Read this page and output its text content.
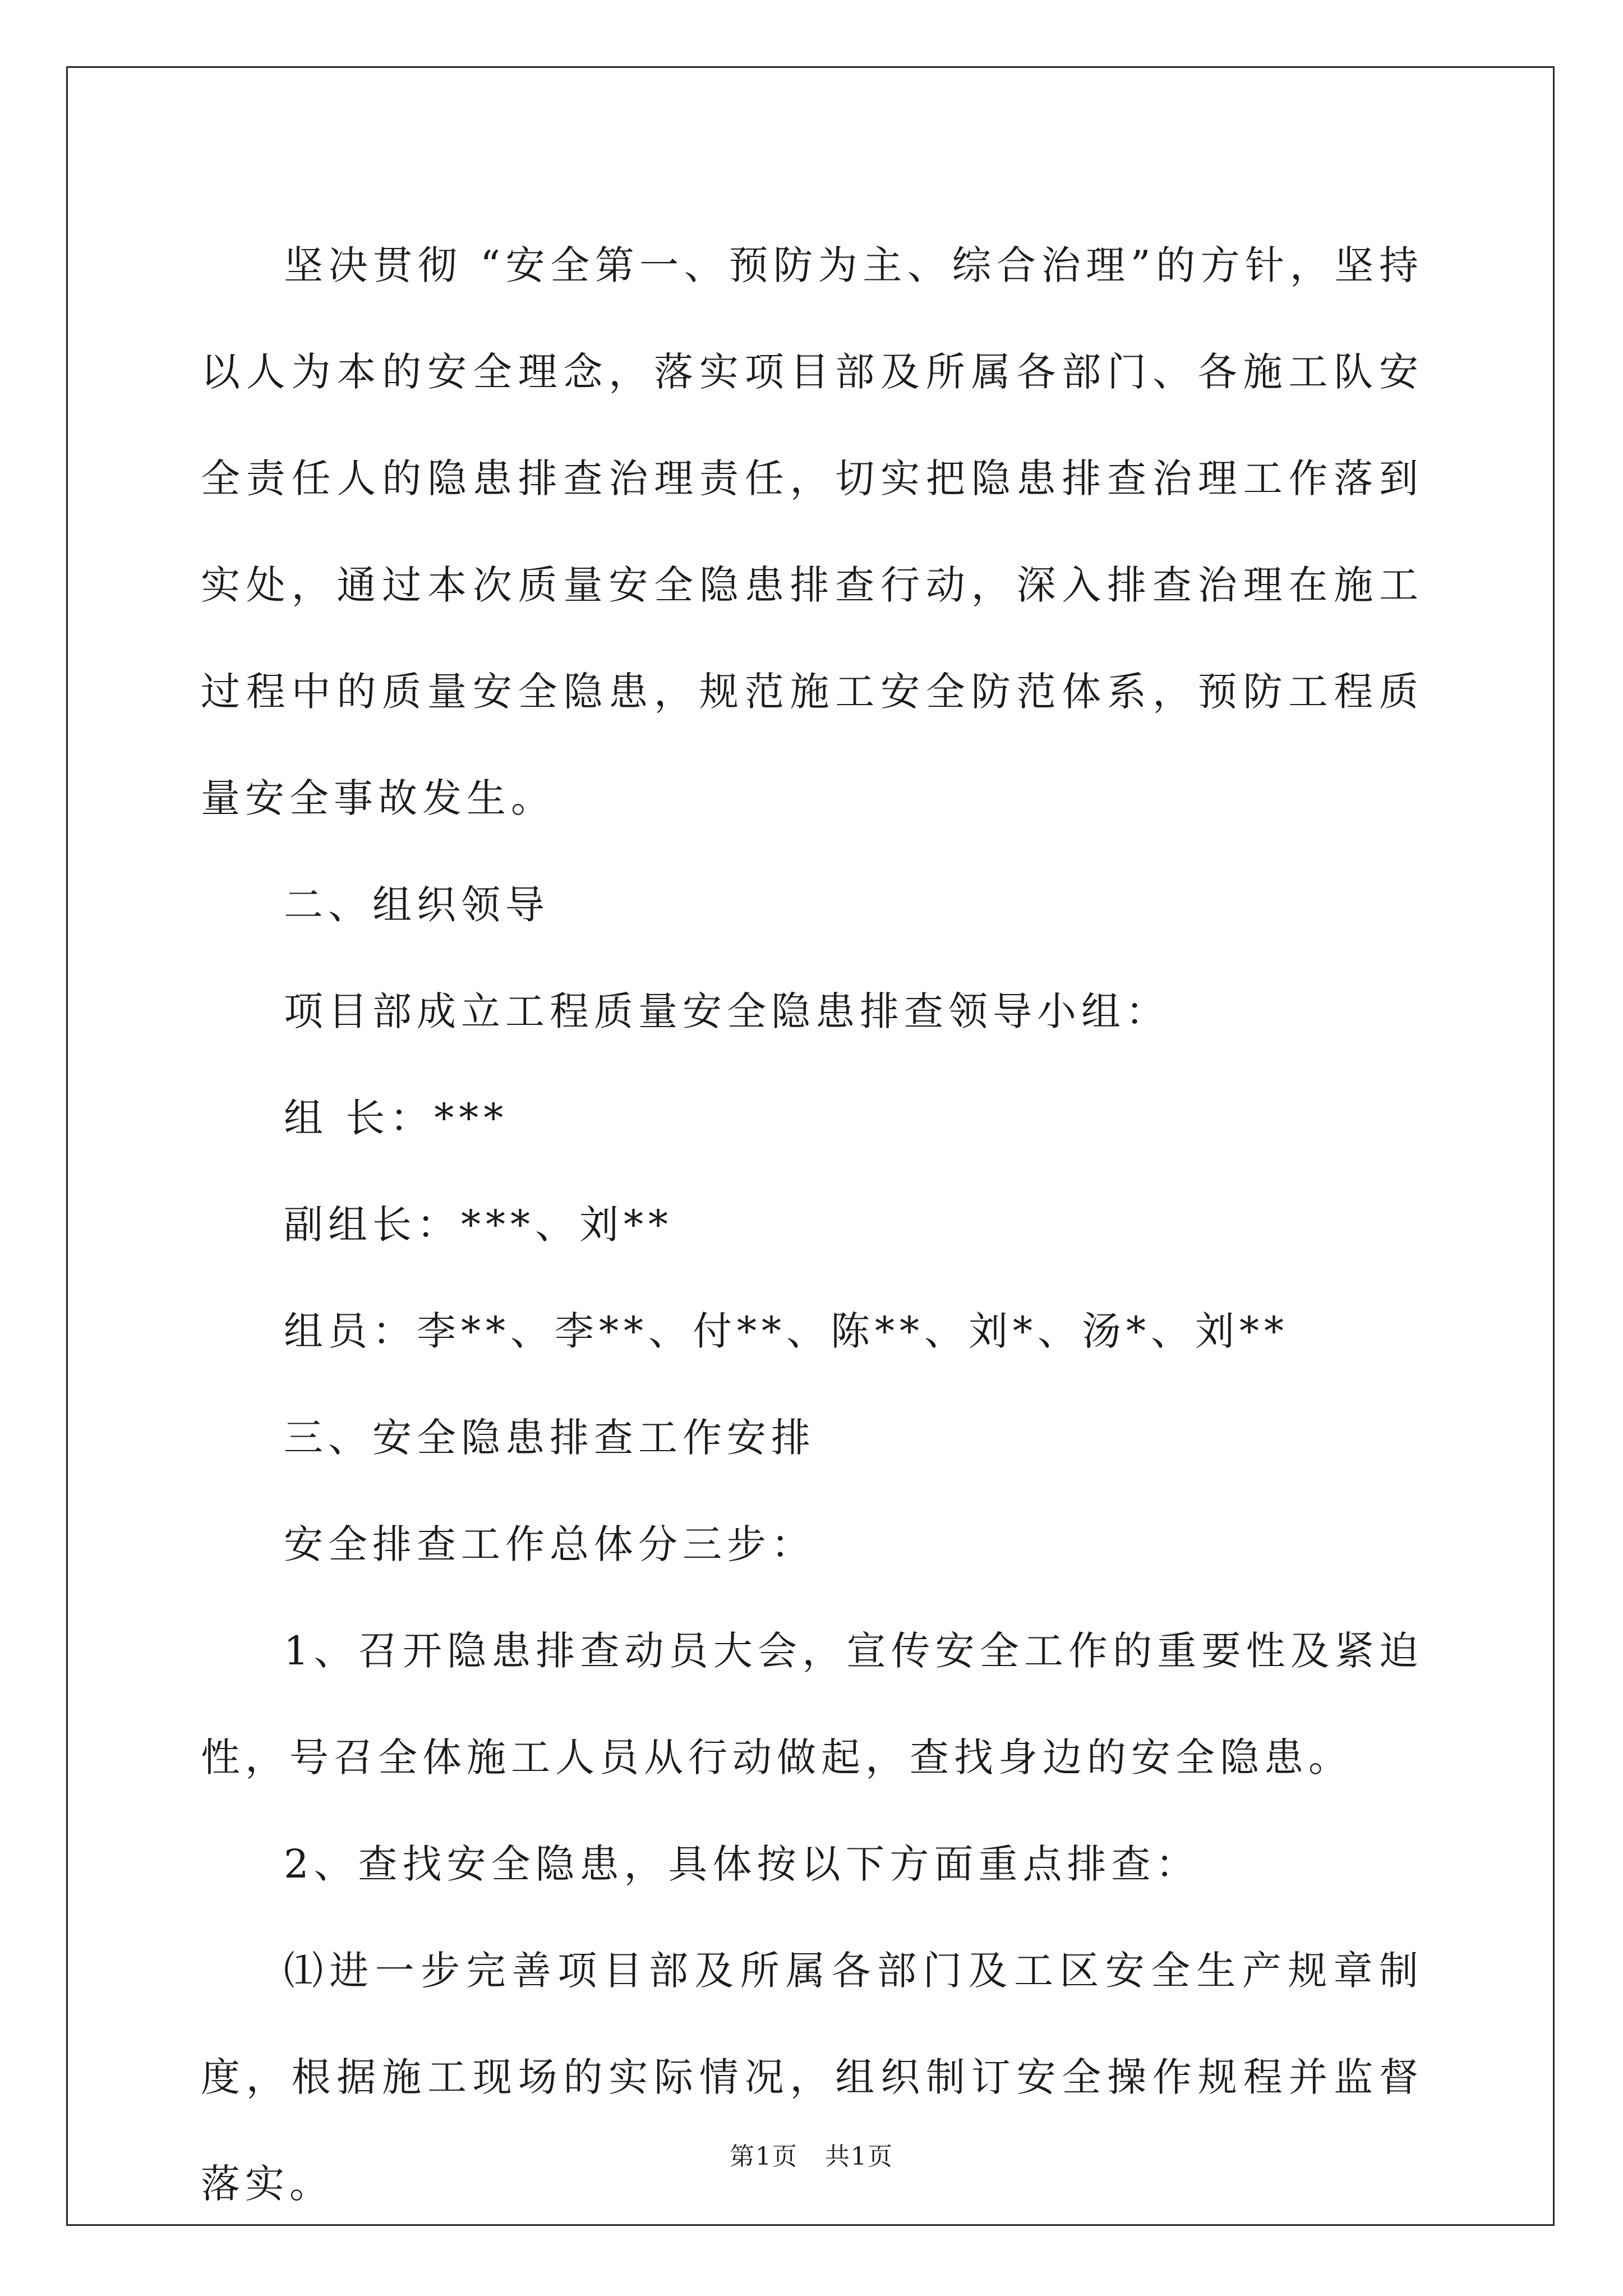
坚决贯彻 “安全第一、预防为主、综合治理”的方针，坚持以人为本的安全理念，落实项目部及所属各部门、各施工队安全责任人的隐患排查治理责任，切实把隐患排查治理工作落到实处，通过本次质量安全隐患排查行动，深入排查治理在施工过程中的质量安全隐患，规范施工安全防范体系，预防工程质量安全事故发生。

二、组织领导

项目部成立工程质量安全隐患排查领导小组：

组 长：***

副组长：***、刘**

组员：李**、李**、付**、陈**、刘*、汤*、刘**

三、安全隐患排查工作安排

安全排查工作总体分三步：

1、召开隐患排查动员大会，宣传安全工作的重要性及紧迫性，号召全体施工人员从行动做起，查找身边的安全隐患。

2、查找安全隐患，具体按以下方面重点排查：

⑴进一步完善项目部及所属各部门及工区安全生产规章制度，根据施工现场的实际情况，组织制订安全操作规程并监督落实。

第1页   共1页
